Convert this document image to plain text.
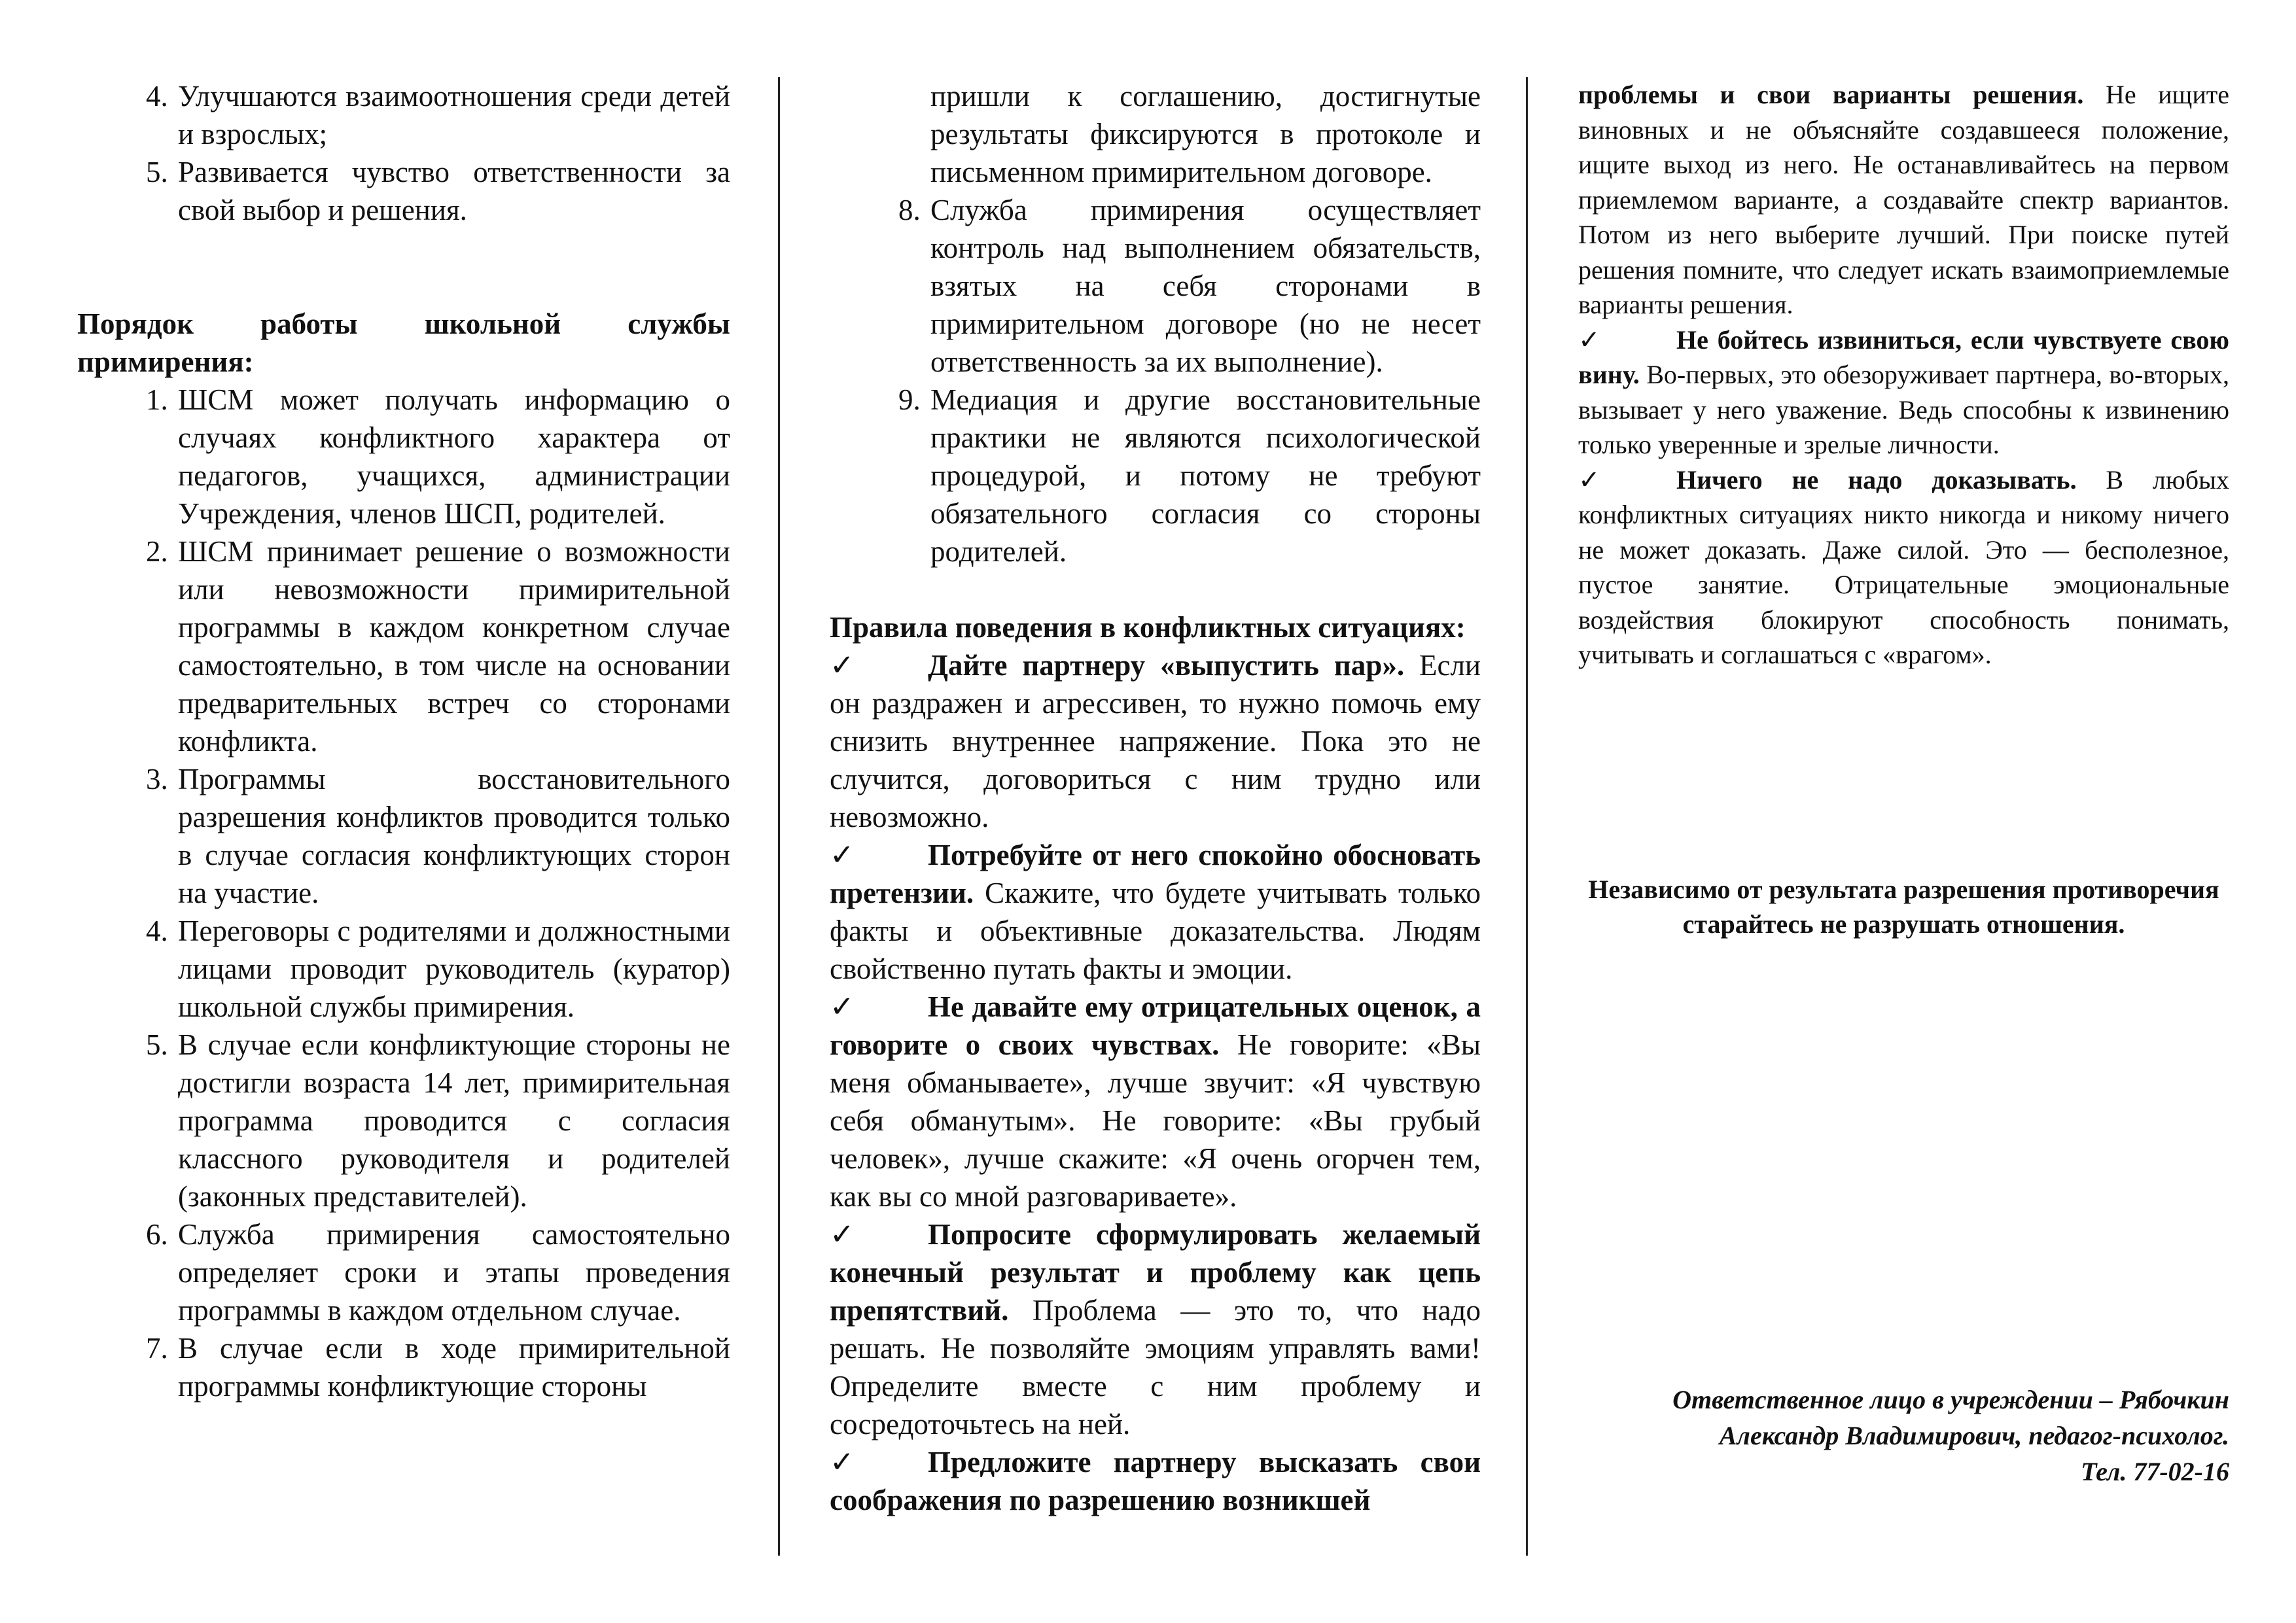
4. Улучшаются взаимоотношения среди детей и взрослых;
5. Развивается чувство ответственности за свой выбор и решения.

Порядок работы школьной службы примирения:

1. ШСМ может получать информацию о случаях конфликтного характера от педагогов, учащихся, администрации Учреждения, членов ШСП, родителей.
2. ШСМ принимает решение о возможности или невозможности примирительной программы в каждом конкретном случае самостоятельно, в том числе на основании предварительных встреч со сторонами конфликта.
3. Программы восстановительного разрешения конфликтов проводится только в случае согласия конфликтующих сторон на участие.
4. Переговоры с родителями и должностными лицами проводит руководитель (куратор) школьной службы примирения.
5. В случае если конфликтующие стороны не достигли возраста 14 лет, примирительная программа проводится с согласия классного руководителя и родителей (законных представителей).
6. Служба примирения самостоятельно определяет сроки и этапы проведения программы в каждом отдельном случае.
7. В случае если в ходе примирительной программы конфликтующие стороны
пришли к соглашению, достигнутые результаты фиксируются в протоколе и письменном примирительном договоре.
8. Служба примирения осуществляет контроль над выполнением обязательств, взятых на себя сторонами в примирительном договоре (но не несет ответственность за их выполнение).
9. Медиация и другие восстановительные практики не являются психологической процедурой, и потому не требуют обязательного согласия со стороны родителей.

Правила поведения в конфликтных ситуациях:

✓ Дайте партнеру «выпустить пар». Если он раздражен и агрессивен, то нужно помочь ему снизить внутреннее напряжение. Пока это не случится, договориться с ним трудно или невозможно.

✓ Потребуйте от него спокойно обосновать претензии. Скажите, что будете учитывать только факты и объективные доказательства. Людям свойственно путать факты и эмоции.

✓ Не давайте ему отрицательных оценок, а говорите о своих чувствах. Не говорите: «Вы меня обманываете», лучше звучит: «Я чувствую себя обманутым». Не говорите: «Вы грубый человек», лучше скажите: «Я очень огорчен тем, как вы со мной разговариваете».

✓ Попросите сформулировать желаемый конечный результат и проблему как цепь препятствий. Проблема — это то, что надо решать. Не позволяйте эмоциям управлять вами! Определите вместе с ним проблему и сосредоточьтесь на ней.

✓ Предложите партнеру высказать свои соображения по разрешению возникшей

проблемы и свои варианты решения. Не ищите виновных и не объясняйте создавшееся положение, ищите выход из него. Не останавливайтесь на первом приемлемом варианте, а создавайте спектр вариантов. Потом из него выберите лучший. При поиске путей решения помните, что следует искать взаимоприемлемые варианты решения.

✓	Не бойтесь извиниться, если чувствуете свою вину. Во-первых, это обезоруживает партнера, во-вторых, вызывает у него уважение. Ведь способны к извинению только уверенные и зрелые личности.

✓	Ничего не надо доказывать. В любых конфликтных ситуациях никто никогда и никому ничего не может доказать. Даже силой. Это — бесполезное, пустое занятие. Отрицательные эмоциональные воздействия блокируют способность понимать, учитывать и соглашаться с «врагом».

Независимо от результата разрешения противоречия старайтесь не разрушать отношения.
Ответственное лицо в учреждении – Рябочкин
Александр Владимирович, педагог-психолог.
Тел. 77-02-16
